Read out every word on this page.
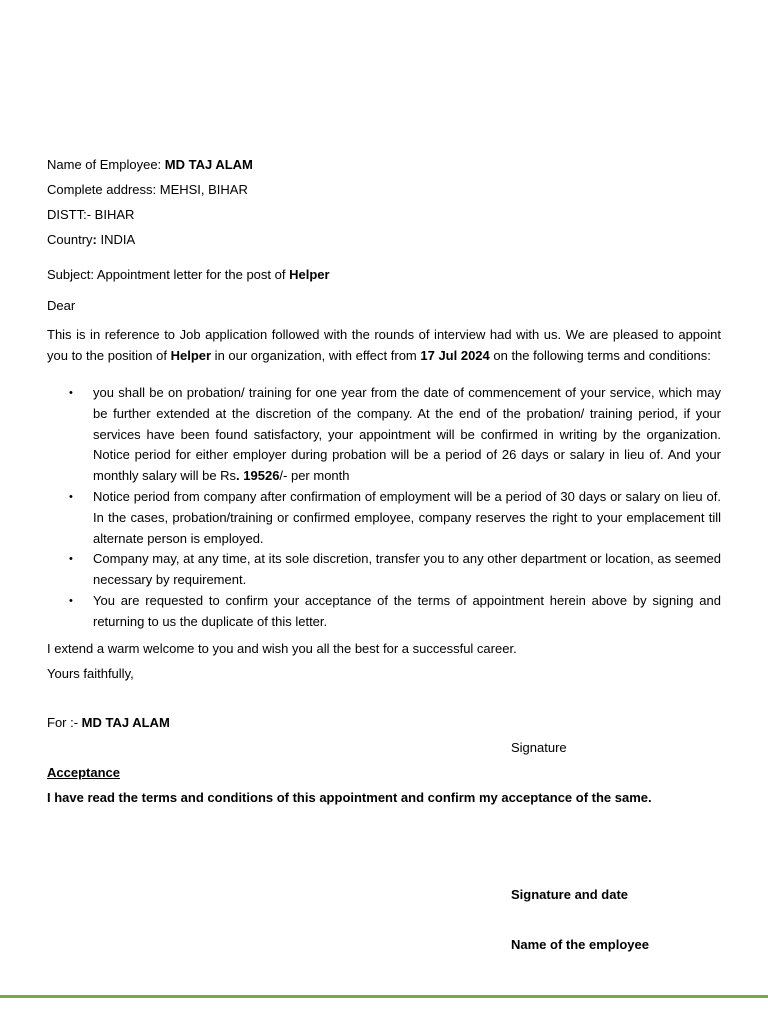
Name of Employee: MD TAJ ALAM
Complete address: MEHSI, BIHAR
DISTT:- BIHAR
Country: INDIA
Subject: Appointment letter for the post of Helper
Dear
This is in reference to Job application followed with the rounds of interview had with us. We are pleased to appoint you to the position of Helper in our organization, with effect from 17 Jul 2024 on the following terms and conditions:
• you shall be on probation/ training for one year from the date of commencement of your service, which may be further extended at the discretion of the company. At the end of the probation/ training period, if your services have been found satisfactory, your appointment will be confirmed in writing by the organization. Notice period for either employer during probation will be a period of 26 days or salary in lieu of. And your monthly salary will be Rs. 19526/- per month
• Notice period from company after confirmation of employment will be a period of 30 days or salary on lieu of. In the cases, probation/training or confirmed employee, company reserves the right to your emplacement till alternate person is employed.
• Company may, at any time, at its sole discretion, transfer you to any other department or location, as seemed necessary by requirement.
• You are requested to confirm your acceptance of the terms of appointment herein above by signing and returning to us the duplicate of this letter.
I extend a warm welcome to you and wish you all the best for a successful career.
Yours faithfully,
For :- MD TAJ ALAM
Signature
Acceptance
I have read the terms and conditions of this appointment and confirm my acceptance of the same.
Signature and date
Name of the employee
